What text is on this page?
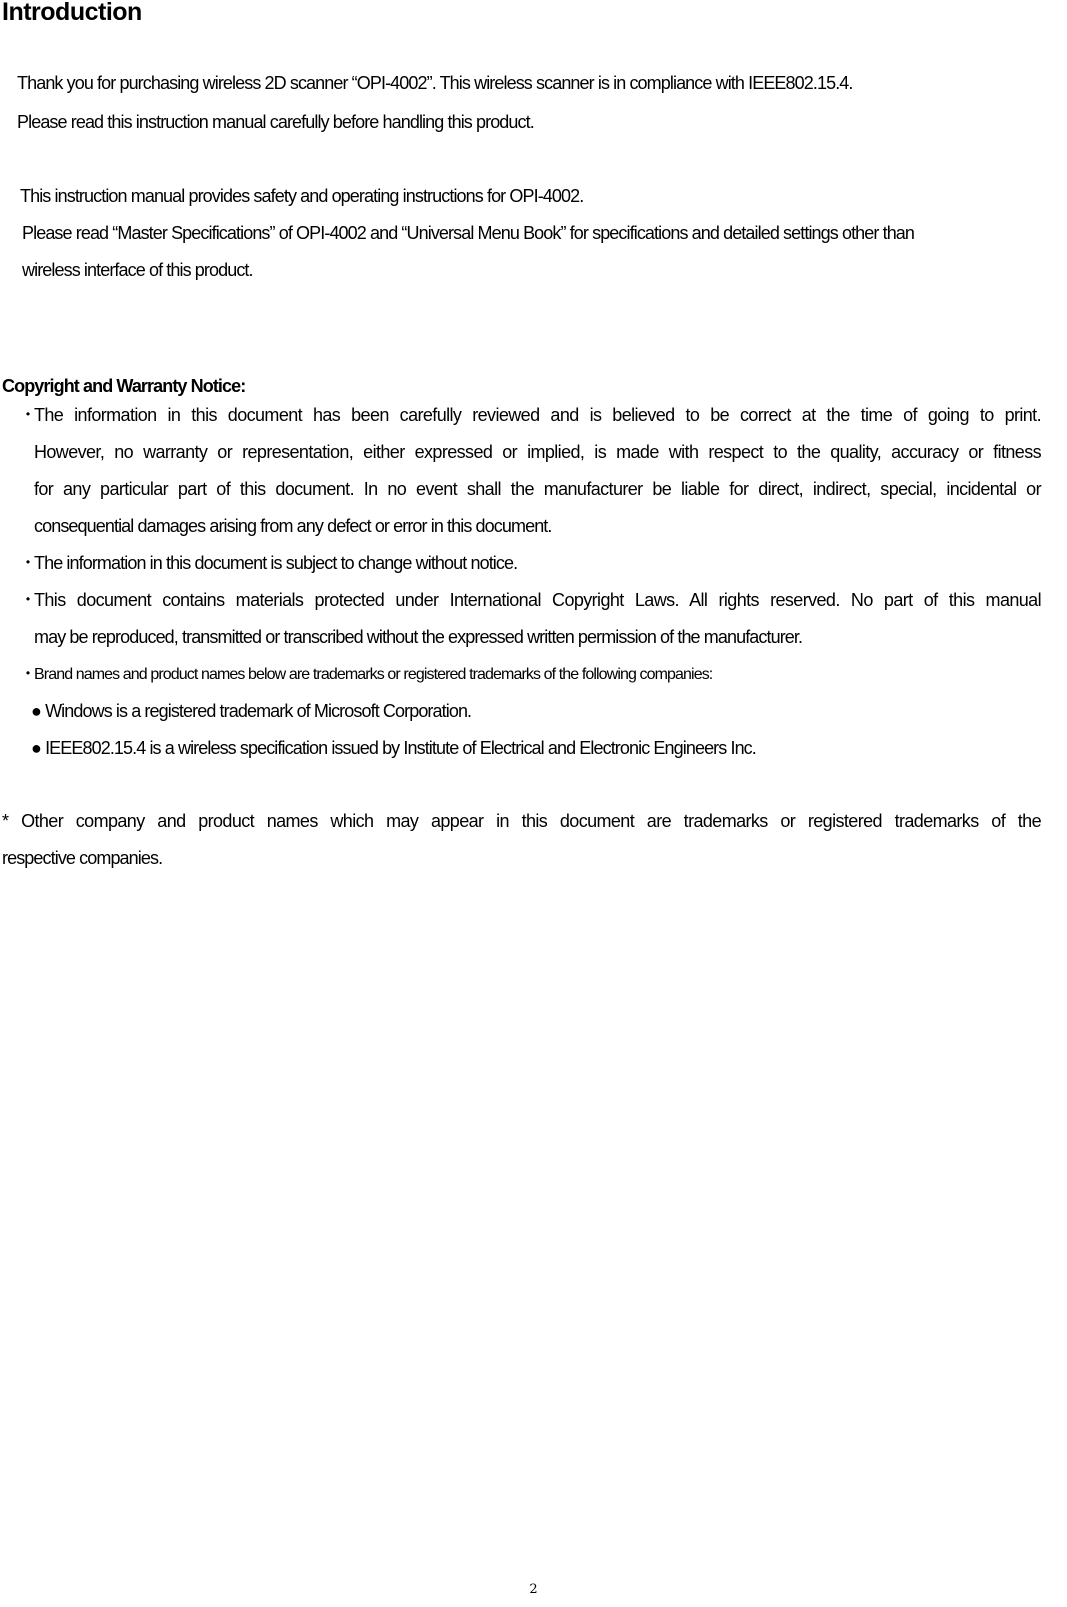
Introduction

Thank you for purchasing wireless 2D scanner “OPI-4002”. This wireless scanner is in compliance with IEEE802.15.4.

Please read this instruction manual carefully before handling this product.

This instruction manual provides safety and operating instructions for OPI-4002.

Please read “Master Specifications” of OPI-4002 and “Universal Menu Book” for specifications and detailed settings other than

wireless interface of this product.

Copyright and Warranty Notice:
・

The information in this document has been carefully reviewed and is believed to be correct at the time of going to print.

However, no warranty or representation, either expressed or implied, is made with respect to the quality, accuracy or fitness

for any particular part of this document. In no event shall the manufacturer be liable for direct, indirect, special, incidental or

consequential damages arising from any defect or error in this document.

・

The information in this document is subject to change without notice.

・

This document contains materials protected under International Copyright Laws. All rights reserved. No part of this manual

may be reproduced, transmitted or transcribed without the expressed written permission of the manufacturer.

・

Brand names and product names below are trademarks or registered trademarks of the following companies:

● Windows is a registered trademark of Microsoft Corporation.

● IEEE802.15.4 is a wireless specification issued by Institute of Electrical and Electronic Engineers Inc.

* Other company and product names which may appear in this document are trademarks or registered trademarks of the

respective companies.

2
